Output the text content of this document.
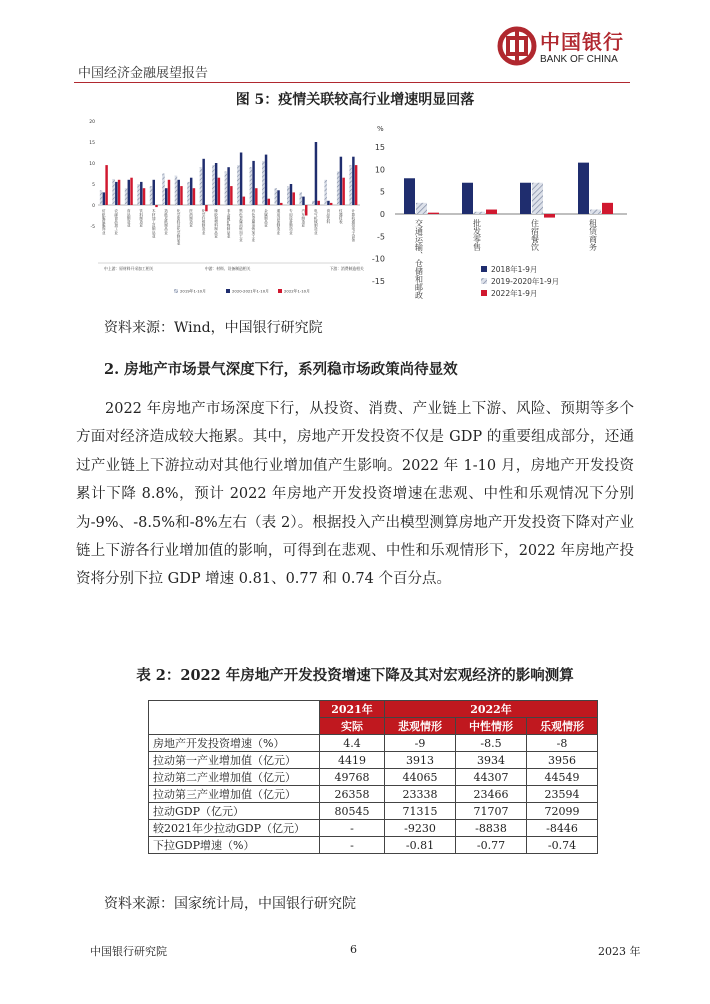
中国经济金融展望报告
中国银行
BANK OF CHINA
图 5：疫情关联较高行业增速明显回落
20
15
10
5
0
-5	纺织服装服饰业	农副食品加工业	食品制造业	饮料制造业	木材加工及制品业	造纸及纸制品业	化学原料及化学制品业	医药制造业	化学纤维制造业	橡胶和塑料制品业	非金属矿物制品业	黑色金属冶炼加工业	有色金属冶炼加工业	金属制品业	通用设备制造业	专用设备制造业	汽车制造业	电气机械制造业	食品饮料	仪器仪表	计算机通信电子设备
中上游：原材料开采加工相关	中游：材料、设备制造相关	下游：消费制造相关
2019年1-10月	2020-2021年1-10月	2022年1-10月
%
15
10
5
0
-5
-10
-15	交通运输、仓储和邮政	批发零售	住宿餐饮	租赁商务
2018年1-9月
2019-2020年1-9月
2022年1-9月
资料来源：Wind，中国银行研究院
2. 房地产市场景气深度下行，系列稳市场政策尚待显效
2022 年房地产市场深度下行，从投资、消费、产业链上下游、风险、预期等多个方面对经济造成较大拖累。其中，房地产开发投资不仅是 GDP 的重要组成部分，还通过产业链上下游拉动对其他行业增加值产生影响。2022 年 1-10 月，房地产开发投资累计下降 8.8%，预计 2022 年房地产开发投资增速在悲观、中性和乐观情况下分别为-9%、-8.5%和-8%左右（表 2）。根据投入产出模型测算房地产开发投资下降对产业链上下游各行业增加值的影响，可得到在悲观、中性和乐观情形下，2022 年房地产投资将分别下拉 GDP 增速 0.81、0.77 和 0.74 个百分点。
表 2：2022 年房地产开发投资增速下降及其对宏观经济的影响测算
	2021年	2022年		
	实际	悲观情形	中性情形	乐观情形
房地产开发投资增速（%）	4.4	-9	-8.5	-8
拉动第一产业增加值（亿元）	4419	3913	3934	3956
拉动第二产业增加值（亿元）	49768	44065	44307	44549
拉动第三产业增加值（亿元）	26358	23338	23466	23594
拉动GDP（亿元）	80545	71315	71707	72099
较2021年少拉动GDP（亿元）	-	-9230	-8838	-8446
下拉GDP增速（%）	-	-0.81	-0.77	-0.74
资料来源：国家统计局，中国银行研究院
中国银行研究院	6	2023 年
